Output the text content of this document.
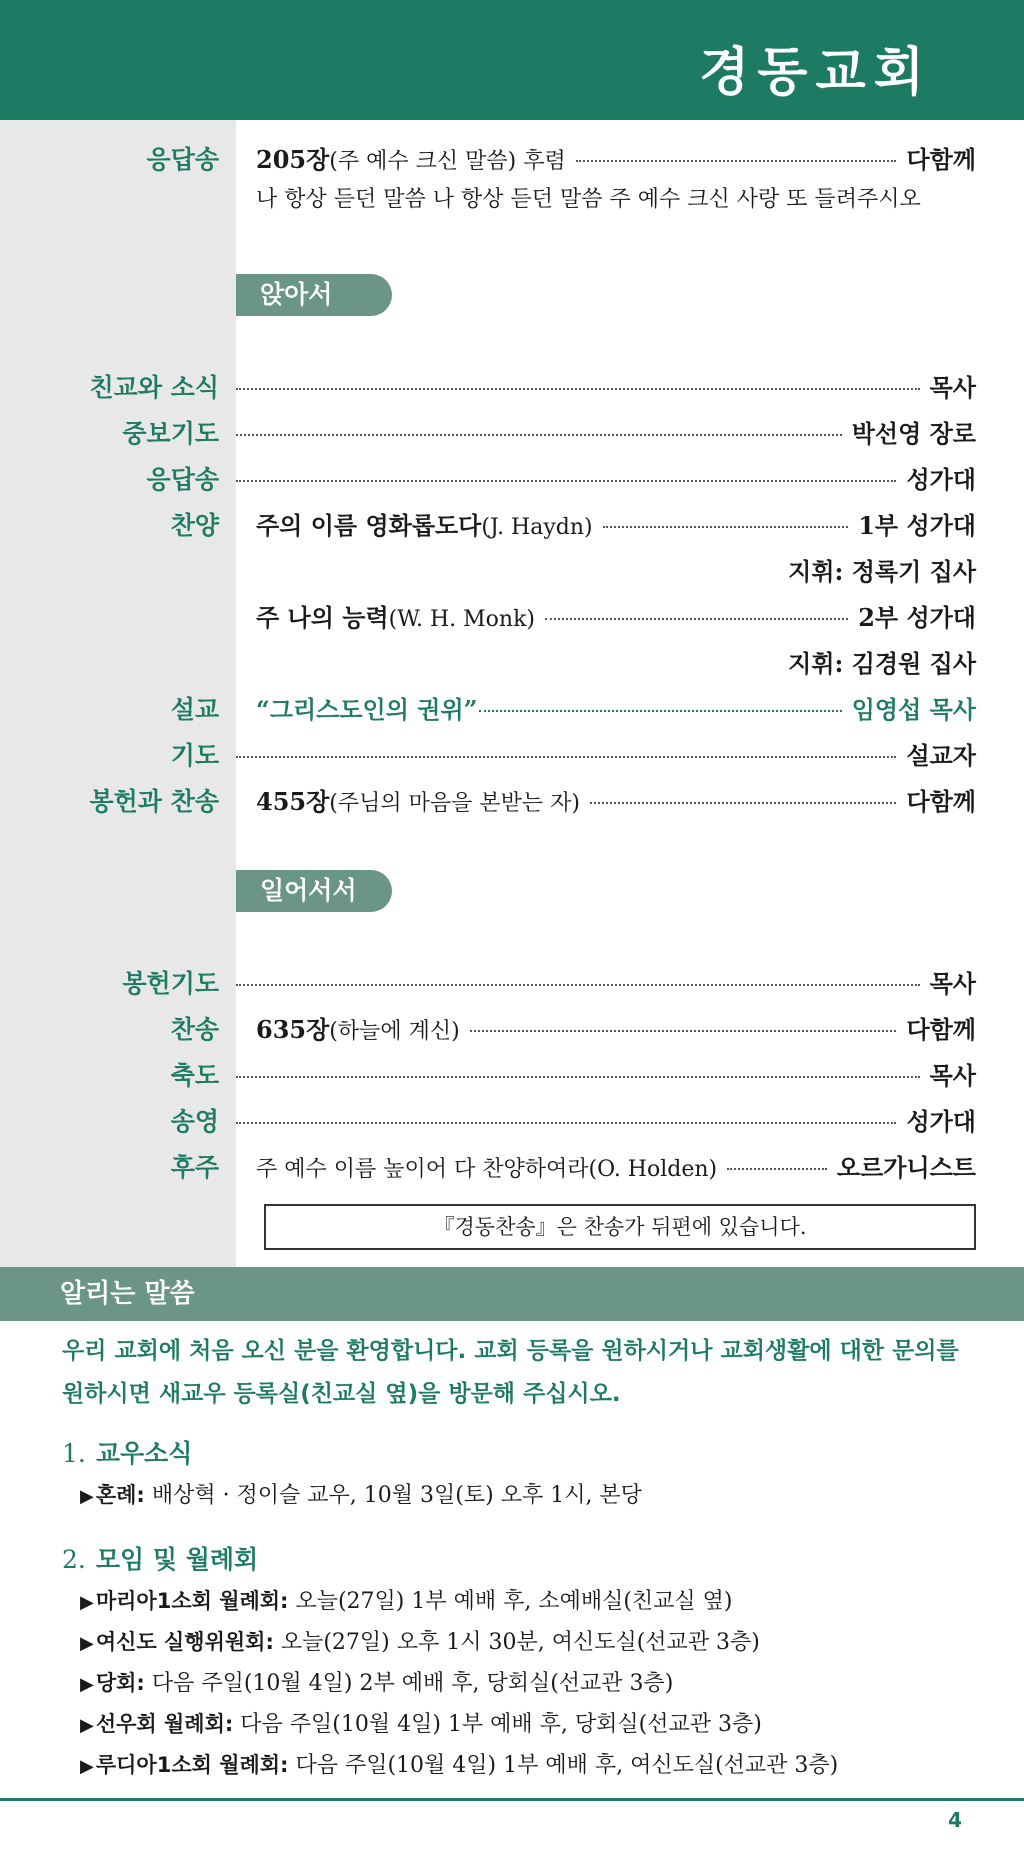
경동교회
응답송 205장 (주 예수 크신 말씀) 후렴	다함께
나 항상 듣던 말씀 나 항상 듣던 말씀 주 예수 크신 사랑 또 들려주시오
앉아서
친교와 소식	목사
중보기도	박선영 장로
응답송	성가대
찬양 주의 이름 영화롭도다 (J. Haydn)	1부 성가대
지휘: 정록기 집사
주 나의 능력 (W. H. Monk)	2부 성가대
지휘: 김경원 집사
설교 “그리스도인의 권위”	임영섭 목사
기도	설교자
봉헌과 찬송 455장 (주님의 마음을 본받는 자)	다함께
일어서서
봉헌기도	목사
찬송 635장 (하늘에 계신)	다함께
축도	목사
송영	성가대
후주 주 예수 이름 높이어 다 찬양하여라(O. Holden)	오르가니스트
『경동찬송』은 찬송가 뒤편에 있습니다.
알리는 말씀
우리 교회에 처음 오신 분을 환영합니다. 교회 등록을 원하시거나 교회생활에 대한 문의를 원하시면 새교우 등록실(친교실 옆)을 방문해 주십시오.
1. 교우소식
▶혼례: 배상혁 · 정이슬 교우, 10월 3일(토) 오후 1시, 본당
2. 모임 및 월례회
▶마리아1소회 월례회: 오늘(27일) 1부 예배 후, 소예배실(친교실 옆)
▶여신도 실행위원회: 오늘(27일) 오후 1시 30분, 여신도실(선교관 3층)
▶당회: 다음 주일(10월 4일) 2부 예배 후, 당회실(선교관 3층)
▶선우회 월례회: 다음 주일(10월 4일) 1부 예배 후, 당회실(선교관 3층)
▶루디아1소회 월례회: 다음 주일(10월 4일) 1부 예배 후, 여신도실(선교관 3층)
4
